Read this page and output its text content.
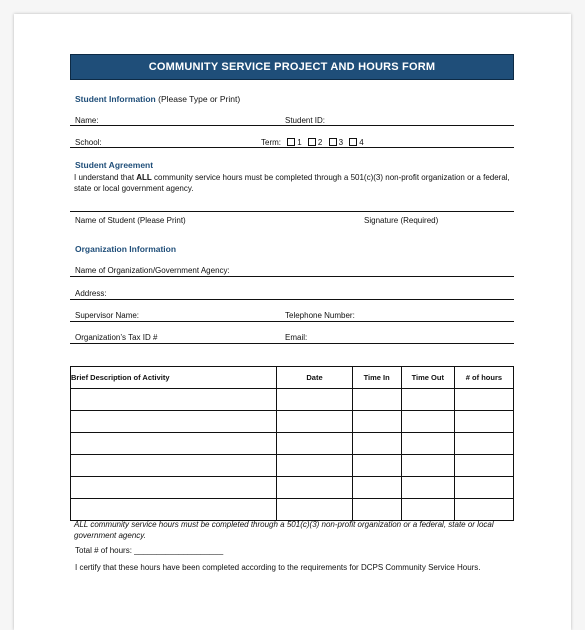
COMMUNITY SERVICE PROJECT AND HOURS FORM
Student Information (Please Type or Print)
Name:	Student ID:
School:	Term: 1 2 3 4
Student Agreement
I understand that ALL community service hours must be completed through a 501(c)(3) non-profit organization or a federal, state or local government agency.
Name of Student (Please Print)	Signature (Required)
Organization Information
Name of Organization/Government Agency:
Address:
Supervisor Name:	Telephone Number:
Organization’s Tax ID #	Email:
Brief Description of Activity	Date	Time In	Time Out	# of hours

ALL community service hours must be completed through a 501(c)(3) non-profit organization or a federal, state or local government agency.
Total # of hours: ____________________
I certify that these hours have been completed according to the requirements for DCPS Community Service Hours.
